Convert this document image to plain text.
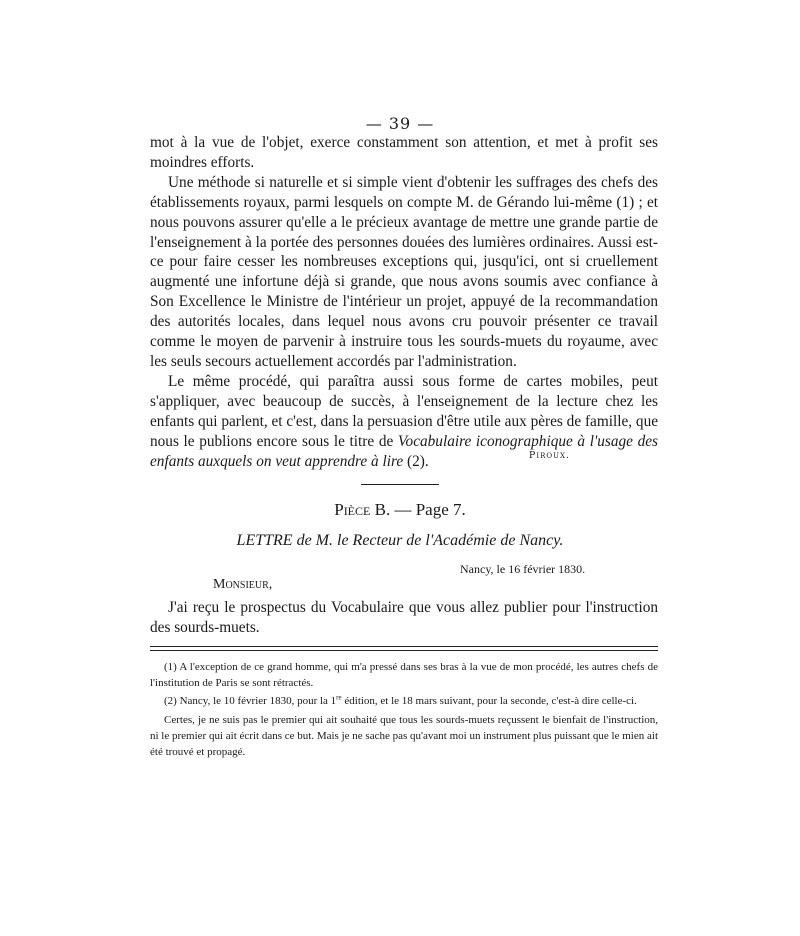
— 39 —

mot à la vue de l'objet, exerce constamment son attention, et met à profit ses moindres efforts.

Une méthode si naturelle et si simple vient d'obtenir les suffrages des chefs des établissements royaux, parmi lesquels on compte M. de Gérando lui-même (1) ; et nous pouvons assurer qu'elle a le précieux avantage de mettre une grande partie de l'enseignement à la portée des personnes douées des lumières ordinaires. Aussi est-ce pour faire cesser les nombreuses exceptions qui, jusqu'ici, ont si cruellement augmenté une infortune déjà si grande, que nous avons soumis avec confiance à Son Excellence le Ministre de l'intérieur un projet, appuyé de la recommandation des autorités locales, dans lequel nous avons cru pouvoir présenter ce travail comme le moyen de parvenir à instruire tous les sourds-muets du royaume, avec les seuls secours actuellement accordés par l'administration.

Le même procédé, qui paraîtra aussi sous forme de cartes mobiles, peut s'appliquer, avec beaucoup de succès, à l'enseignement de la lecture chez les enfants qui parlent, et c'est, dans la persuasion d'être utile aux pères de famille, que nous le publions encore sous le titre de Vocabulaire iconographique à l'usage des enfants auxquels on veut apprendre à lire (2).	Piroux.
Pièce B. — Page 7.
LETTRE de M. le Recteur de l'Académie de Nancy.
Nancy, le 16 février 1830.
Monsieur,
J'ai reçu le prospectus du Vocabulaire que vous allez publier pour l'instruction des sourds-muets.

(1) A l'exception de ce grand homme, qui m'a pressé dans ses bras à la vue de mon procédé, les autres chefs de l'institution de Paris se sont rétractés.

(2) Nancy, le 10 février 1830, pour la 1re édition, et le 18 mars suivant, pour la seconde, c'est-à dire celle-ci.

Certes, je ne suis pas le premier qui ait souhaité que tous les sourds-muets reçussent le bienfait de l'instruction, ni le premier qui ait écrit dans ce but. Mais je ne sache pas qu'avant moi un instrument plus puissant que le mien ait été trouvé et propagé.
